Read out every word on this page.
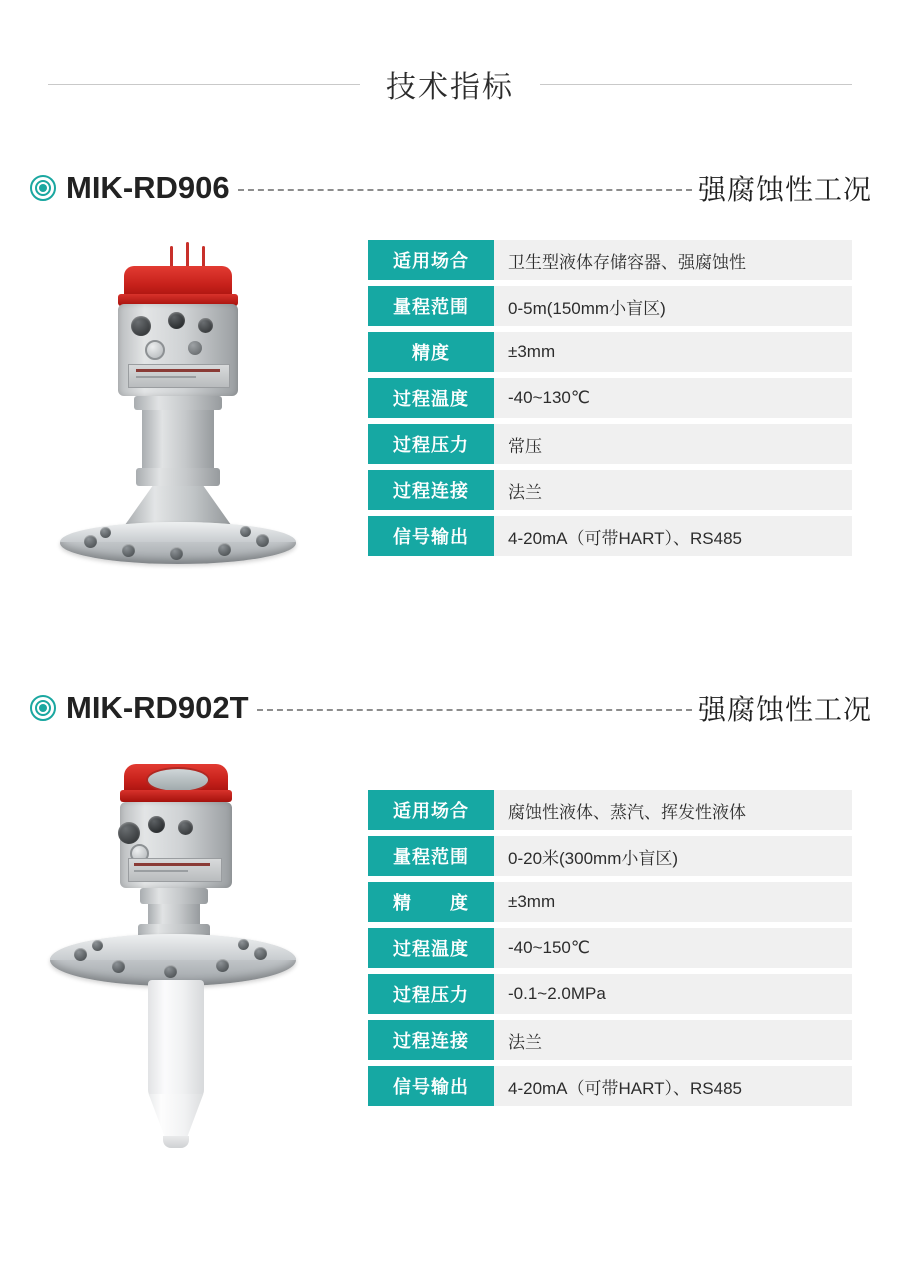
技术指标
MIK-RD906	强腐蚀性工况
适用场合	卫生型液体存储容器、强腐蚀性
量程范围	0-5m(150mm小盲区)
精度	±3mm
过程温度	-40~130℃
过程压力	常压
过程连接	法兰
信号输出	4-20mA（可带HART）、RS485
MIK-RD902T	强腐蚀性工况
适用场合	腐蚀性液体、蒸汽、挥发性液体
量程范围	0-20米(300mm小盲区)
精　　度	±3mm
过程温度	-40~150℃
过程压力	-0.1~2.0MPa
过程连接	法兰
信号输出	4-20mA（可带HART）、RS485
